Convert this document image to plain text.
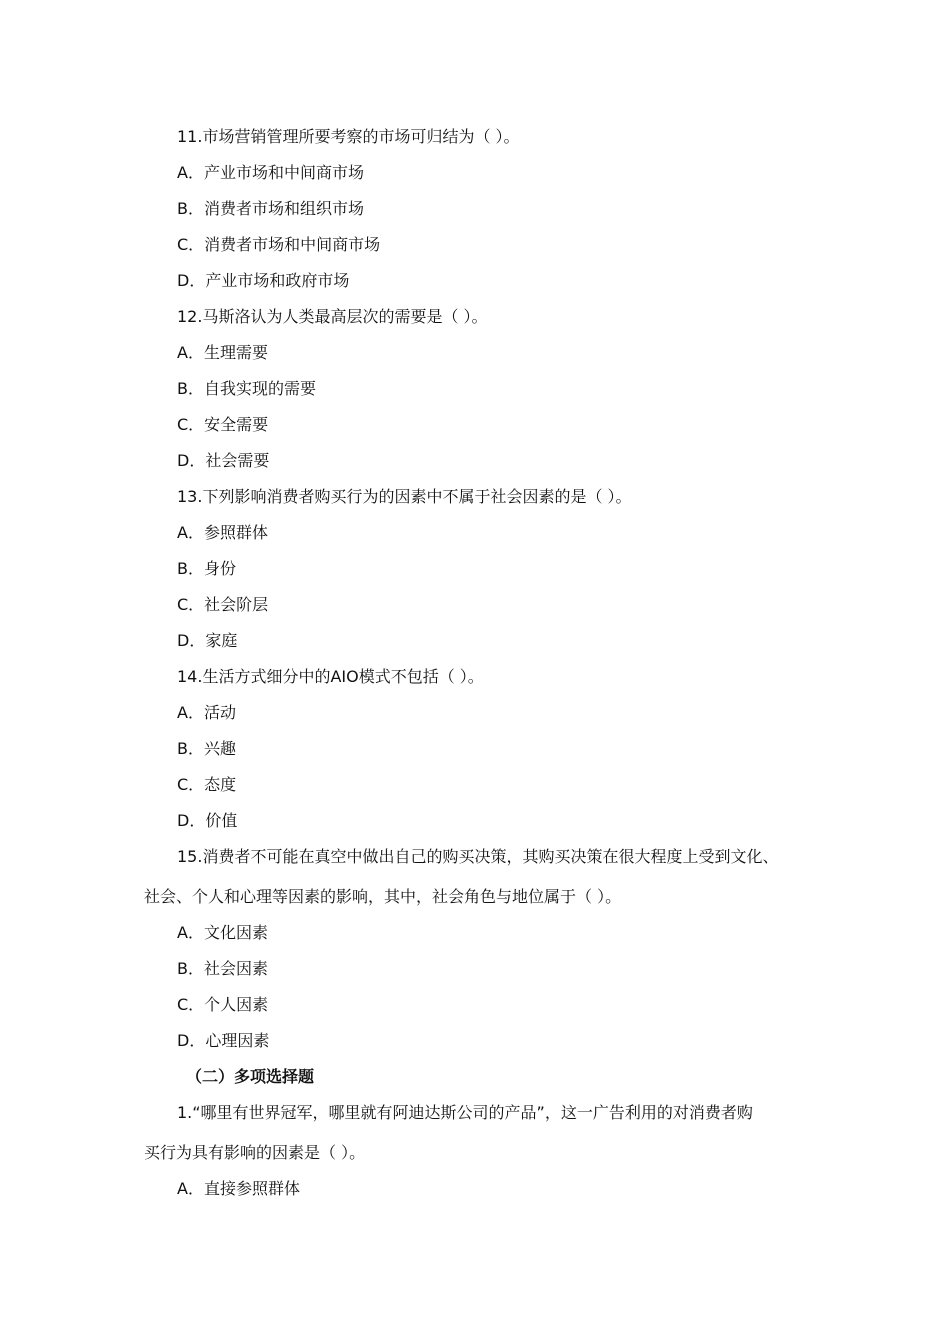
11.市场营销管理所要考察的市场可归结为（ ）。
A．产业市场和中间商市场
B．消费者市场和组织市场
C．消费者市场和中间商市场
D．产业市场和政府市场
12.马斯洛认为人类最高层次的需要是（ ）。
A．生理需要
B．自我实现的需要
C．安全需要
D．社会需要
13.下列影响消费者购买行为的因素中不属于社会因素的是（ ）。
A．参照群体
B．身份
C．社会阶层
D．家庭
14.生活方式细分中的AIO模式不包括（ ）。
A．活动
B．兴趣
C．态度
D．价值
15.消费者不可能在真空中做出自己的购买决策，其购买决策在很大程度上受到文化、
社会、个人和心理等因素的影响，其中，社会角色与地位属于（ ）。
A．文化因素
B．社会因素
C．个人因素
D．心理因素
（二）多项选择题
1.“哪里有世界冠军，哪里就有阿迪达斯公司的产品”，这一广告利用的对消费者购
买行为具有影响的因素是（ ）。
A．直接参照群体
